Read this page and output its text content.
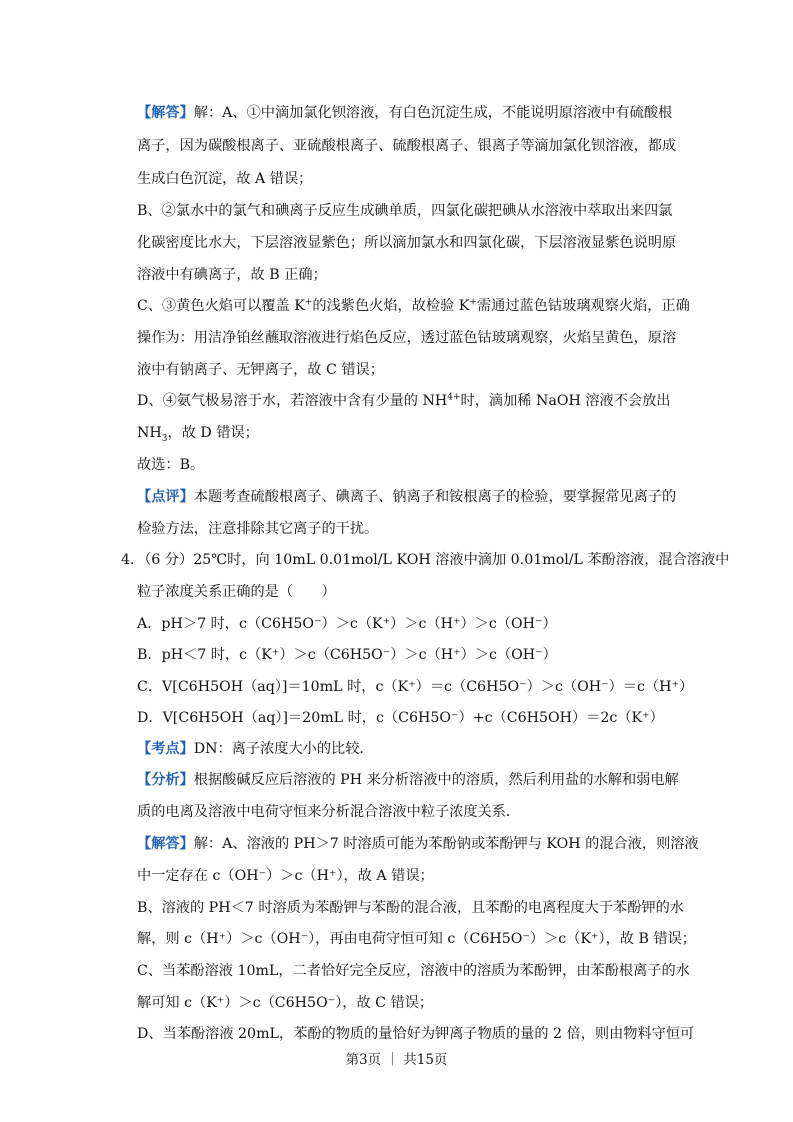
【解答】解：A、①中滴加氯化钡溶液，有白色沉淀生成，不能说明原溶液中有硫酸根
离子，因为碳酸根离子、亚硫酸根离子、硫酸根离子、银离子等滴加氯化钡溶液，都成
生成白色沉淀，故 A 错误；
B、②氯水中的氯气和碘离子反应生成碘单质，四氯化碳把碘从水溶液中萃取出来四氯
化碳密度比水大，下层溶液显紫色；所以滴加氯水和四氯化碳，下层溶液显紫色说明原
溶液中有碘离子，故 B 正确；
C、③黄色火焰可以覆盖 K+的浅紫色火焰，故检验 K+需通过蓝色钴玻璃观察火焰，正确
操作为：用洁净铂丝蘸取溶液进行焰色反应，透过蓝色钴玻璃观察，火焰呈黄色，原溶
液中有钠离子、无钾离子，故 C 错误；
D、④氨气极易溶于水，若溶液中含有少量的 $NH^{4+}$时，滴加稀 NaOH 溶液不会放出
$NH_3$，故 D 错误；
故选：B。
【点评】本题考查硫酸根离子、碘离子、钠离子和铵根离子的检验，要掌握常见离子的
检验方法，注意排除其它离子的干扰。
4．（6 分）25℃时，向 10mL 0.01mol/L KOH 溶液中滴加 0.01mol/L 苯酚溶液，混合溶液中
粒子浓度关系正确的是（　　）
A．pH＞7 时，c（C6H5O⁻）＞c（K⁺）＞c（H⁺）＞c（OH⁻）
B．pH＜7 时，c（K⁺）＞c（C6H5O⁻）＞c（H⁺）＞c（OH⁻）
C．V[C6H5OH（aq）]＝10mL 时，c（K⁺）＝c（C6H5O⁻）＞c（OH⁻）＝c（H⁺）
D．V[C6H5OH（aq）]＝20mL 时，c（C6H5O⁻）+c（C6H5OH）＝2c（K⁺）
【考点】DN：离子浓度大小的比较．
【分析】根据酸碱反应后溶液的 PH 来分析溶液中的溶质，然后利用盐的水解和弱电解
质的电离及溶液中电荷守恒来分析混合溶液中粒子浓度关系．
【解答】解：A、溶液的 PH＞7 时溶质可能为苯酚钠或苯酚钾与 KOH 的混合液，则溶液
中一定存在 c（OH⁻）＞c（H⁺），故 A 错误；
B、溶液的 PH＜7 时溶质为苯酚钾与苯酚的混合液，且苯酚的电离程度大于苯酚钾的水
解，则 c（H⁺）＞c（OH⁻），再由电荷守恒可知 c（C6H5O⁻）＞c（K⁺），故 B 错误；
C、当苯酚溶液 10mL，二者恰好完全反应，溶液中的溶质为苯酚钾，由苯酚根离子的水
解可知 c（K⁺）＞c（C6H5O⁻），故 C 错误；
D、当苯酚溶液 20mL，苯酚的物质的量恰好为钾离子物质的量的 2 倍，则由物料守恒可
第3页 ｜ 共15页
